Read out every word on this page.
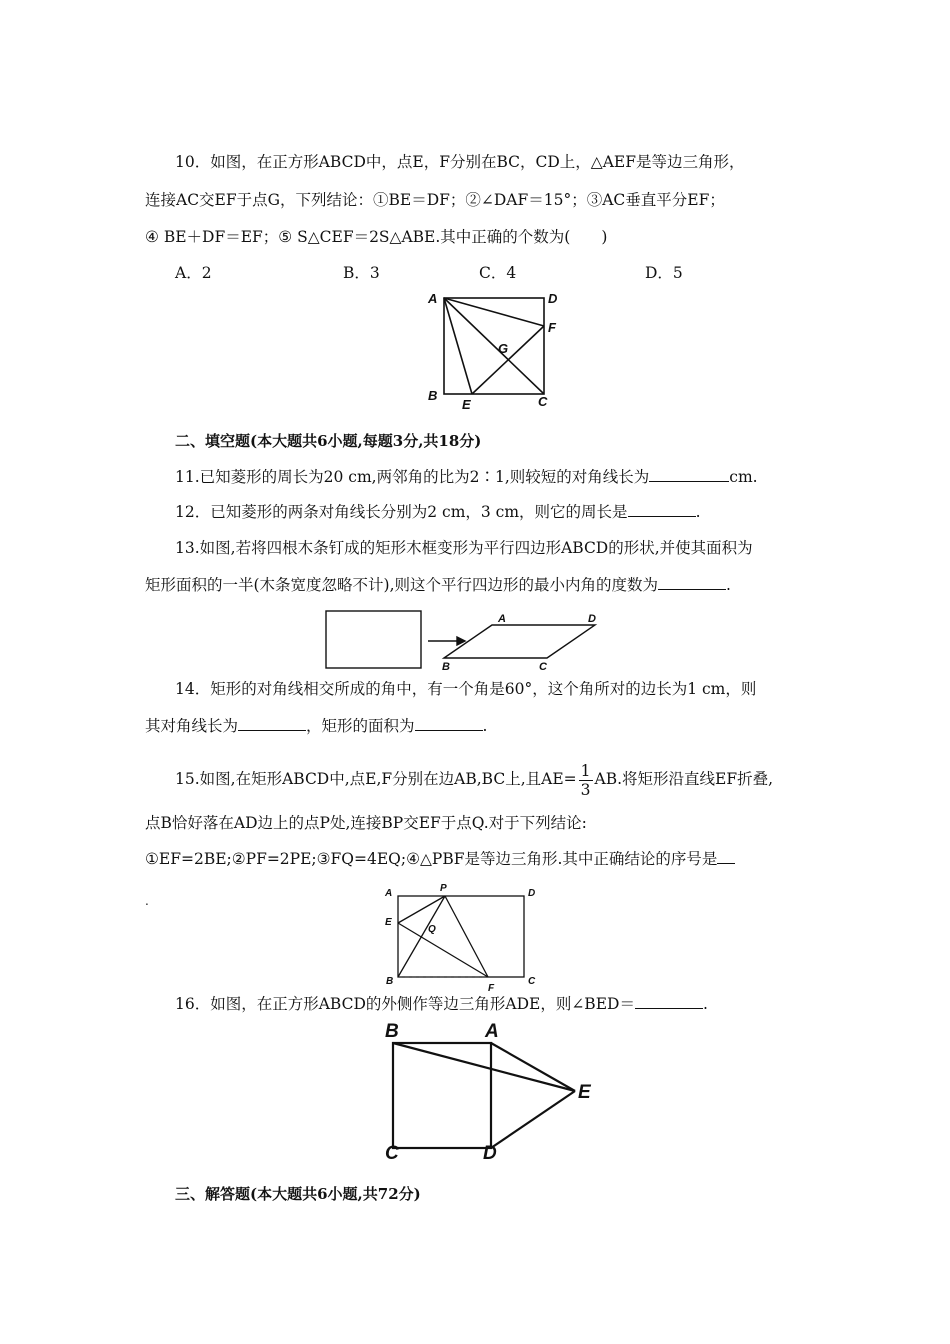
10．如图，在正方形ABCD中，点E，F分别在BC，CD上，△AEF是等边三角形，
连接AC交EF于点G，下列结论：①BE＝DF；②∠DAF＝15°；③AC垂直平分EF；
④ BE＋DF＝EF；⑤ S△CEF＝2S△ABE.其中正确的个数为(　　)
A．2	B．3	C．4	D．5
A	D
F
G
B
E	C
二、填空题(本大题共6小题,每题3分,共18分)
11.已知菱形的周长为20 cm,两邻角的比为2∶1,则较短的对角线长为	cm.
12．已知菱形的两条对角线长分别为2 cm，3 cm，则它的周长是	.
13.如图,若将四根木条钉成的矩形木框变形为平行四边形ABCD的形状,并使其面积为
矩形面积的一半(木条宽度忽略不计),则这个平行四边形的最小内角的度数为	.
A	D
B	C
14．矩形的对角线相交所成的角中，有一个角是60°，这个角所对的边长为1 cm，则
其对角线长为	，矩形的面积为	.
15.如图,在矩形ABCD中,点E,F分别在边AB,BC上,且$AE= \frac{1}{3}$ AB.将矩形沿直线EF折叠,
点B恰好落在AD边上的点P处,连接BP交EF于点Q.对于下列结论:
①EF=2BE;②PF=2PE;③FQ=4EQ;④△PBF是等边三角形.其中正确结论的序号是
.
A	P	D
E
Q
B
F
C
16．如图，在正方形ABCD的外侧作等边三角形ADE，则∠BED＝	.
B	A
E
C	D
三、解答题(本大题共6小题,共72分)
